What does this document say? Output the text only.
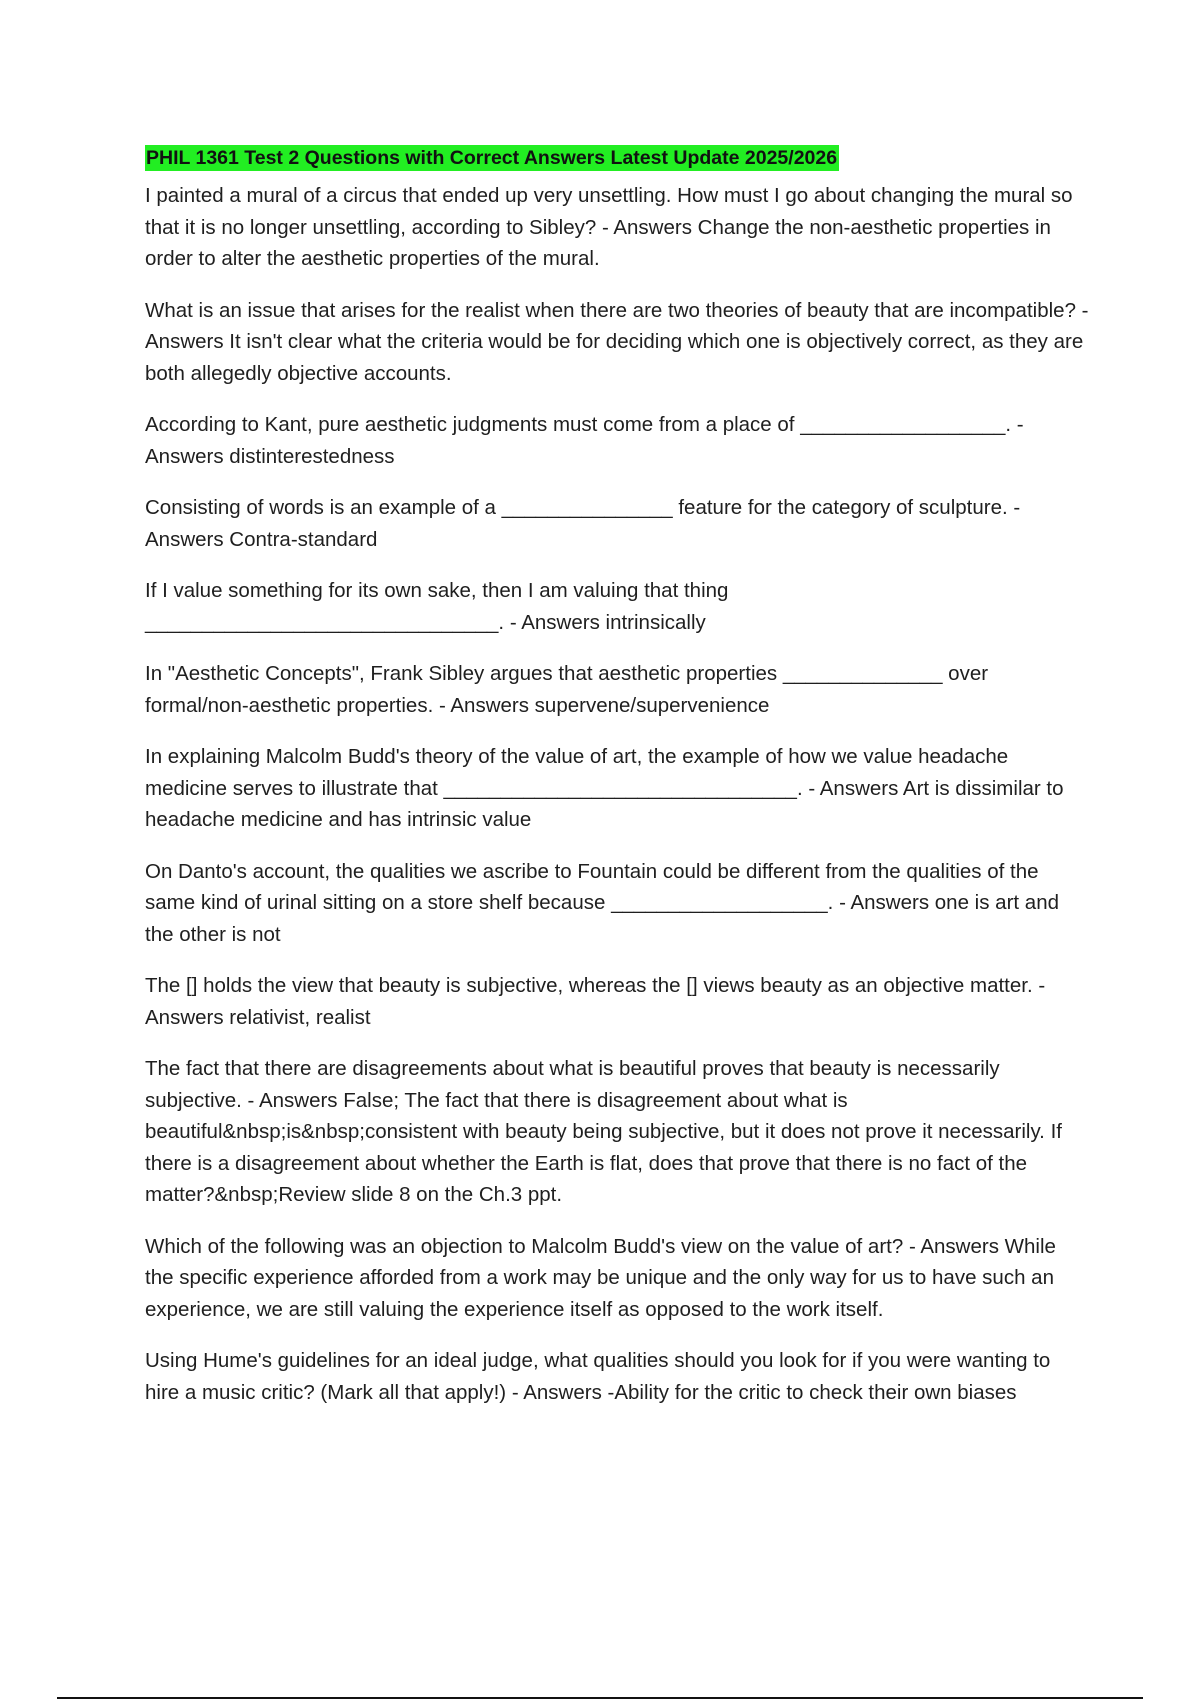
PHIL 1361 Test 2 Questions with Correct Answers Latest Update 2025/2026

I painted a mural of a circus that ended up very unsettling. How must I go about changing the mural so that it is no longer unsettling, according to Sibley? - Answers Change the non-aesthetic properties in order to alter the aesthetic properties of the mural.

What is an issue that arises for the realist when there are two theories of beauty that are incompatible? - Answers It isn't clear what the criteria would be for deciding which one is objectively correct, as they are both allegedly objective accounts.

According to Kant, pure aesthetic judgments must come from a place of __________________. - Answers distinterestedness

Consisting of words is an example of a _______________ feature for the category of sculpture. - Answers Contra-standard

If I value something for its own sake, then I am valuing that thing _______________________________. - Answers intrinsically

In "Aesthetic Concepts", Frank Sibley argues that aesthetic properties ______________ over formal/non-aesthetic properties. - Answers supervene/supervenience

In explaining Malcolm Budd's theory of the value of art, the example of how we value headache medicine serves to illustrate that _______________________________. - Answers Art is dissimilar to headache medicine and has intrinsic value

On Danto's account, the qualities we ascribe to Fountain could be different from the qualities of the same kind of urinal sitting on a store shelf because ___________________. - Answers one is art and the other is not

The [] holds the view that beauty is subjective, whereas the [] views beauty as an objective matter. - Answers relativist, realist

The fact that there are disagreements about what is beautiful proves that beauty is necessarily subjective. - Answers False; The fact that there is disagreement about what is beautiful&nbsp;is&nbsp;consistent with beauty being subjective, but it does not prove it necessarily. If there is a disagreement about whether the Earth is flat, does that prove that there is no fact of the matter?&nbsp;Review slide 8 on the Ch.3 ppt.

Which of the following was an objection to Malcolm Budd's view on the value of art? - Answers While the specific experience afforded from a work may be unique and the only way for us to have such an experience, we are still valuing the experience itself as opposed to the work itself.

Using Hume's guidelines for an ideal judge, what qualities should you look for if you were wanting to hire a music critic? (Mark all that apply!) - Answers -Ability for the critic to check their own biases
